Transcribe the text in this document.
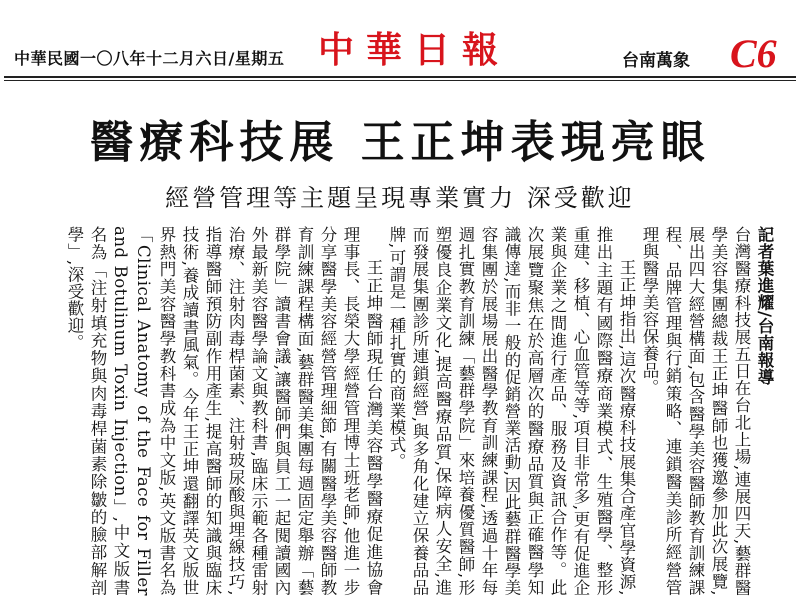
中華民國一〇八年十二月六日/星期五 中華日報	台南萬象 C6
醫療科技展 王正坤表現亮眼
經營管理等主題呈現專業實力 深受歡迎

記者葉進耀/台南報導
台灣醫療科技展五日在台北上場,連展四天,藝群醫學美容集團總裁王正坤醫師也獲邀參加此次展覽,展出四大經營構面,包含醫學美容醫師教育訓練課程、品牌管理與行銷策略、連鎖醫美診所經營管理與醫學美容保養品。

王正坤指出,這次醫療科技展集合產官學資源,推出主題有國際醫療商業模式、生殖醫學、整形重建、移植、心血管等等,項目非常多,更有促進企業與企業之間進行產品、服務及資訊合作等。此次展覽聚焦在於高層次的醫療品質與正確醫學知識傳達,而非一般的促銷營業活動,因此藝群醫學美容集團於展場展出醫學教育訓練課程,透過十年每週扎實教育訓練「藝群學院」來培養優質醫師,形塑優良企業文化,提高醫療品質,保障病人安全,進而發展集團診所連鎖經營,與多角化建立保養品品牌,可謂是一種扎實的商業模式。

王正坤醫師現任台灣美容醫學醫療促進協會理事長、長榮大學經營管理博士班老師,他進一步分享醫學美容經營管理細節,有關醫學美容醫師教育訓練課程構面,藝群醫美集團每週固定舉辦「藝群學院」讀書會議,讓醫師們與員工一起閱讀國內外最新美容醫學論文與教科書,臨床示範各種雷射治療、注射肉毒桿菌素、注射玻尿酸與埋線技巧,指導醫師預防副作用產生,提高醫師的知識與臨床技術,養成讀書風氣。今年王正坤還翻譯英文版世界熱門美容醫學教科書成為中文版,英文版書名為「Clinical Anatomy of the Face for Filler and Botulinum Toxin Injection」,中文版書名為「注射填充物與肉毒桿菌素除皺的臉部解剖學」,深受歡迎。
